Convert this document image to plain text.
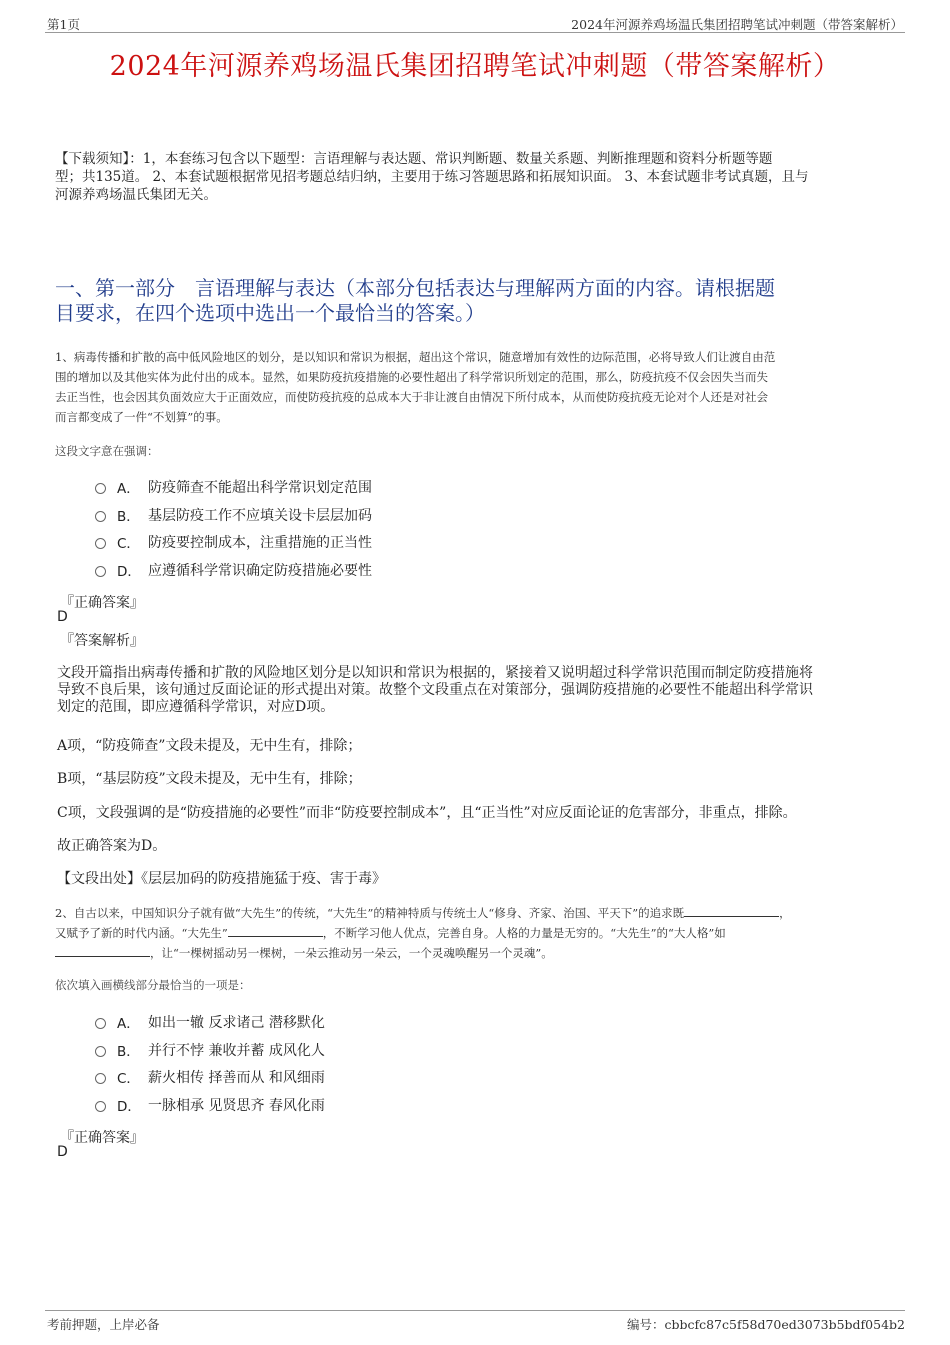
第1页	2024年河源养鸡场温氏集团招聘笔试冲刺题（带答案解析）
2024年河源养鸡场温氏集团招聘笔试冲刺题（带答案解析）
【下载须知】：1，本套练习包含以下题型：言语理解与表达题、常识判断题、数量关系题、判断推理题和资料分析题等题
型；共135道。 2、本套试题根据常见招考题总结归纳，主要用于练习答题思路和拓展知识面。 3、本套试题非考试真题，且与
河源养鸡场温氏集团无关。
一、第一部分　言语理解与表达（本部分包括表达与理解两方面的内容。请根据题
目要求，在四个选项中选出一个最恰当的答案。）
1、病毒传播和扩散的高中低风险地区的划分，是以知识和常识为根据，超出这个常识，随意增加有效性的边际范围，必将导致人们让渡自由范
围的增加以及其他实体为此付出的成本。显然，如果防疫抗疫措施的必要性超出了科学常识所划定的范围，那么，防疫抗疫不仅会因失当而失
去正当性，也会因其负面效应大于正面效应，而使防疫抗疫的总成本大于非让渡自由情况下所付成本，从而使防疫抗疫无论对个人还是对社会
而言都变成了一件“不划算”的事。
这段文字意在强调：
A． 防疫筛查不能超出科学常识划定范围
B． 基层防疫工作不应填关设卡层层加码
C． 防疫要控制成本，注重措施的正当性
D． 应遵循科学常识确定防疫措施必要性
『正确答案』
D
『答案解析』
文段开篇指出病毒传播和扩散的风险地区划分是以知识和常识为根据的，紧接着又说明超过科学常识范围而制定防疫措施将
导致不良后果，该句通过反面论证的形式提出对策。故整个文段重点在对策部分，强调防疫措施的必要性不能超出科学常识
划定的范围，即应遵循科学常识，对应D项。
A项，“防疫筛查”文段未提及，无中生有，排除；
B项，“基层防疫”文段未提及，无中生有，排除；
C项，文段强调的是“防疫措施的必要性”而非“防疫要控制成本”，且“正当性”对应反面论证的危害部分，非重点，排除。
故正确答案为D。
【文段出处】《层层加码的防疫措施猛于疫、害于毒》
2、自古以来，中国知识分子就有做“大先生”的传统，“大先生”的精神特质与传统士人“修身、齐家、治国、平天下”的追求既	，
又赋予了新的时代内涵。“大先生”	，不断学习他人优点，完善自身。人格的力量是无穷的。“大先生”的“大人格”如
，让“一棵树摇动另一棵树，一朵云推动另一朵云，一个灵魂唤醒另一个灵魂”。
依次填入画横线部分最恰当的一项是：
A． 如出一辙 反求诸己 潜移默化
B． 并行不悖 兼收并蓄 成风化人
C． 薪火相传 择善而从 和风细雨
D． 一脉相承 见贤思齐 春风化雨
『正确答案』
D
考前押题，上岸必备	编号：cbbcfc87c5f58d70ed3073b5bdf054b2
